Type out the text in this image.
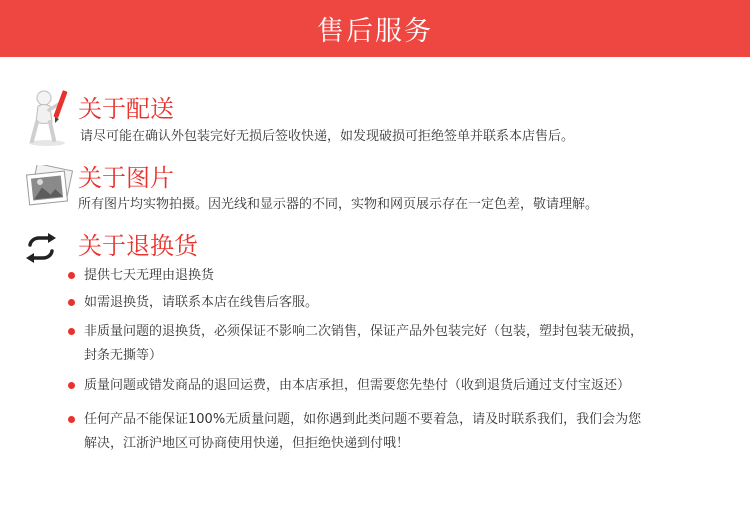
售后服务
关于配送
请尽可能在确认外包装完好无损后签收快递，如发现破损可拒绝签单并联系本店售后。
关于图片
所有图片均实物拍摄。因光线和显示器的不同，实物和网页展示存在一定色差，敬请理解。
关于退换货
提供七天无理由退换货
如需退换货，请联系本店在线售后客服。
非质量问题的退换货，必须保证不影响二次销售，保证产品外包装完好（包装，塑封包装无破损，
封条无撕等）
质量问题或错发商品的退回运费，由本店承担，但需要您先垫付（收到退货后通过支付宝返还）
任何产品不能保证100%无质量问题，如你遇到此类问题不要着急，请及时联系我们，我们会为您
解决，江浙沪地区可协商使用快递，但拒绝快递到付哦！
